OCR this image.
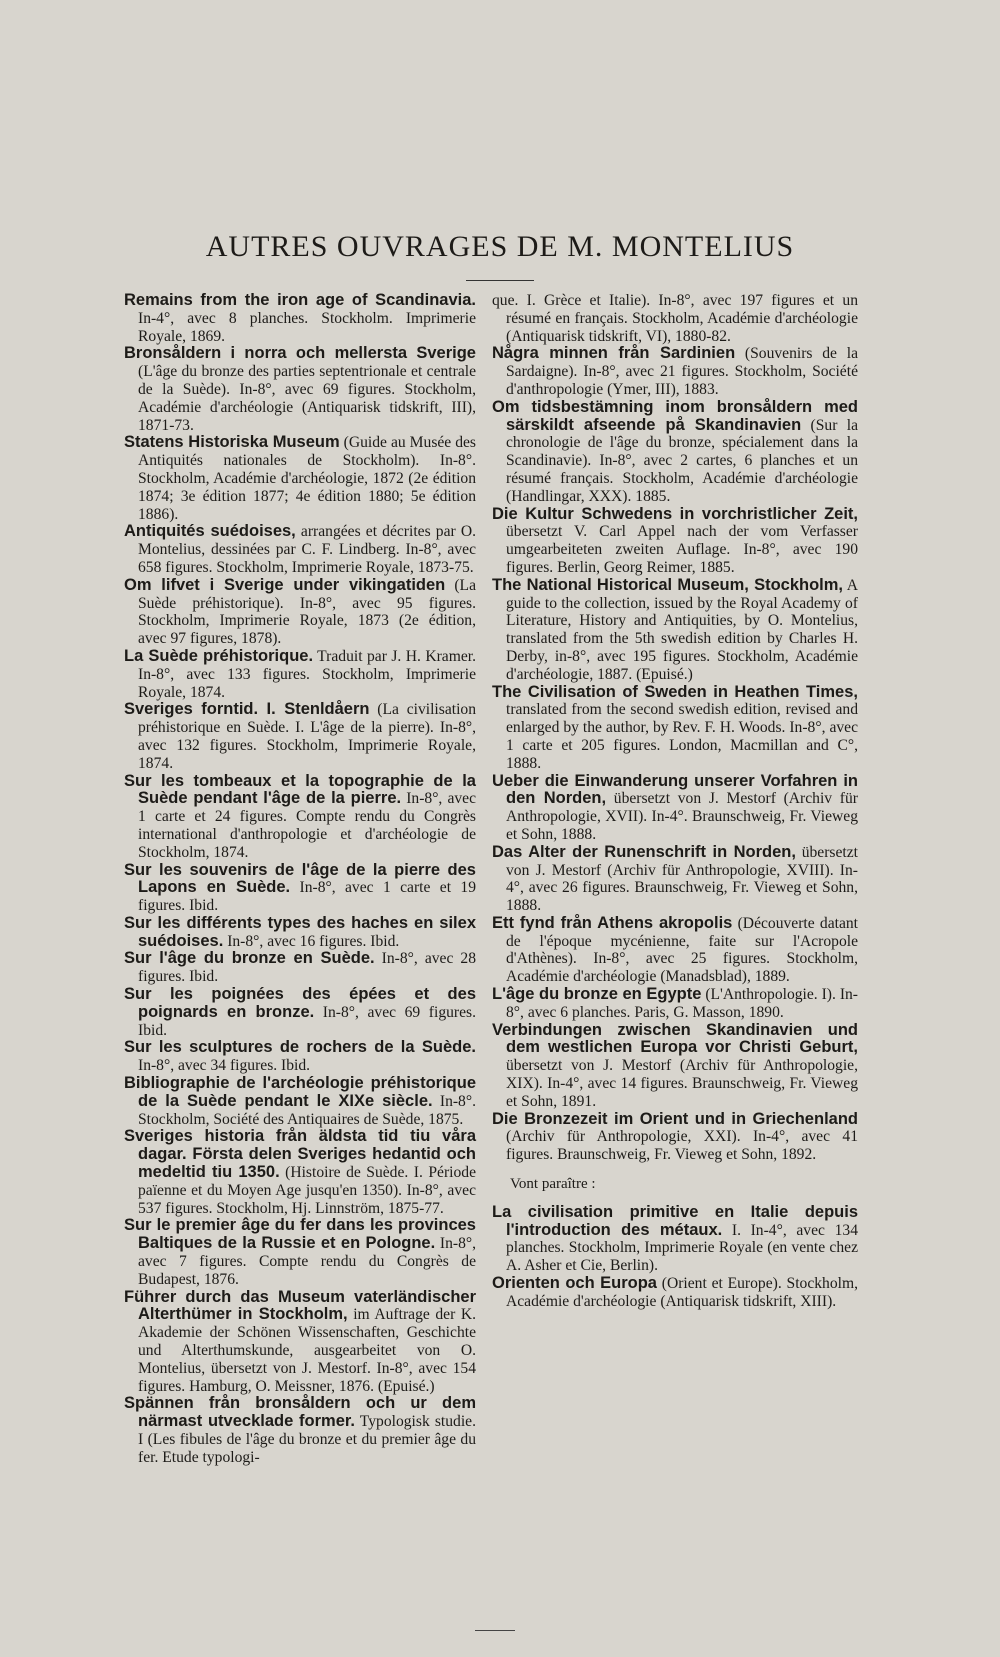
AUTRES OUVRAGES DE M. MONTELIUS
Remains from the iron age of Scandinavia. In-4°, avec 8 planches. Stockholm. Imprimerie Royale, 1869.
Bronsåldern i norra och mellersta Sverige (L'âge du bronze des parties septentrionale et centrale de la Suède). In-8°, avec 69 figures. Stockholm, Académie d'archéologie (Antiquarisk tidskrift, III), 1871-73.
Statens Historiska Museum (Guide au Musée des Antiquités nationales de Stockholm). In-8°. Stockholm, Académie d'archéologie, 1872 (2e édition 1874; 3e édition 1877; 4e édition 1880; 5e édition 1886).
Antiquités suédoises, arrangées et décrites par O. Montelius, dessinées par C. F. Lindberg. In-8°, avec 658 figures. Stockholm, Imprimerie Royale, 1873-75.
Om lifvet i Sverige under vikingatiden (La Suède préhistorique). In-8°, avec 95 figures. Stockholm, Imprimerie Royale, 1873 (2e édition, avec 97 figures, 1878).
La Suède préhistorique. Traduit par J. H. Kramer. In-8°, avec 133 figures. Stockholm, Imprimerie Royale, 1874.
Sveriges forntid. I. Stenldåern (La civilisation préhistorique en Suède. I. L'âge de la pierre). In-8°, avec 132 figures. Stockholm, Imprimerie Royale, 1874.
Sur les tombeaux et la topographie de la Suède pendant l'âge de la pierre. In-8°, avec 1 carte et 24 figures. Compte rendu du Congrès international d'anthropologie et d'archéologie de Stockholm, 1874.
Sur les souvenirs de l'âge de la pierre des Lapons en Suède. In-8°, avec 1 carte et 19 figures. Ibid.
Sur les différents types des haches en silex suédoises. In-8°, avec 16 figures. Ibid.
Sur l'âge du bronze en Suède. In-8°, avec 28 figures. Ibid.
Sur les poignées des épées et des poignards en bronze. In-8°, avec 69 figures. Ibid.
Sur les sculptures de rochers de la Suède. In-8°, avec 34 figures. Ibid.
Bibliographie de l'archéologie préhistorique de la Suède pendant le XIXe siècle. In-8°. Stockholm, Société des Antiquaires de Suède, 1875.
Sveriges historia från äldsta tid tiu våra dagar. Första delen Sveriges hedantid och medeltid tiu 1350. (Histoire de Suède. I. Période païenne et du Moyen Age jusqu'en 1350). In-8°, avec 537 figures. Stockholm, Hj. Linnström, 1875-77.
Sur le premier âge du fer dans les provinces Baltiques de la Russie et en Pologne. In-8°, avec 7 figures. Compte rendu du Congrès de Budapest, 1876.
Führer durch das Museum vaterländischer Alterthümer in Stockholm, im Auftrage der K. Akademie der Schönen Wissenschaften, Geschichte und Alterthumskunde, ausgearbeitet von O. Montelius, übersetzt von J. Mestorf. In-8°, avec 154 figures. Hamburg, O. Meissner, 1876. (Epuisé.)
Spännen från bronsåldern och ur dem närmast utvecklade former. Typologisk studie. I (Les fibules de l'âge du bronze et du premier âge du fer. Etude typologi-
que. I. Grèce et Italie). In-8°, avec 197 figures et un résumé en français. Stockholm, Académie d'archéologie (Antiquarisk tidskrift, VI), 1880-82.
Några minnen från Sardinien (Souvenirs de la Sardaigne). In-8°, avec 21 figures. Stockholm, Société d'anthropologie (Ymer, III), 1883.
Om tidsbestämning inom bronsåldern med särskildt afseende på Skandinavien (Sur la chronologie de l'âge du bronze, spécialement dans la Scandinavie). In-8°, avec 2 cartes, 6 planches et un résumé français. Stockholm, Académie d'archéologie (Handlingar, XXX). 1885.
Die Kultur Schwedens in vorchristlicher Zeit, übersetzt V. Carl Appel nach der vom Verfasser umgearbeiteten zweiten Auflage. In-8°, avec 190 figures. Berlin, Georg Reimer, 1885.
The National Historical Museum, Stockholm, A guide to the collection, issued by the Royal Academy of Literature, History and Antiquities, by O. Montelius, translated from the 5th swedish edition by Charles H. Derby, in-8°, avec 195 figures. Stockholm, Académie d'archéologie, 1887. (Epuisé.)
The Civilisation of Sweden in Heathen Times, translated from the second swedish edition, revised and enlarged by the author, by Rev. F. H. Woods. In-8°, avec 1 carte et 205 figures. London, Macmillan and C°, 1888.
Ueber die Einwanderung unserer Vorfahren in den Norden, übersetzt von J. Mestorf (Archiv für Anthropologie, XVII). In-4°. Braunschweig, Fr. Vieweg et Sohn, 1888.
Das Alter der Runenschrift in Norden, übersetzt von J. Mestorf (Archiv für Anthropologie, XVIII). In-4°, avec 26 figures. Braunschweig, Fr. Vieweg et Sohn, 1888.
Ett fynd från Athens akropolis (Découverte datant de l'époque mycénienne, faite sur l'Acropole d'Athènes). In-8°, avec 25 figures. Stockholm, Académie d'archéologie (Manadsblad), 1889.
L'âge du bronze en Egypte (L'Anthropologie. I). In-8°, avec 6 planches. Paris, G. Masson, 1890.
Verbindungen zwischen Skandinavien und dem westlichen Europa vor Christi Geburt, übersetzt von J. Mestorf (Archiv für Anthropologie, XIX). In-4°, avec 14 figures. Braunschweig, Fr. Vieweg et Sohn, 1891.
Die Bronzezeit im Orient und in Griechenland (Archiv für Anthropologie, XXI). In-4°, avec 41 figures. Braunschweig, Fr. Vieweg et Sohn, 1892.
Vont paraître :
La civilisation primitive en Italie depuis l'introduction des métaux. I. In-4°, avec 134 planches. Stockholm, Imprimerie Royale (en vente chez A. Asher et Cie, Berlin).
Orienten och Europa (Orient et Europe). Stockholm, Académie d'archéologie (Antiquarisk tidskrift, XIII).
